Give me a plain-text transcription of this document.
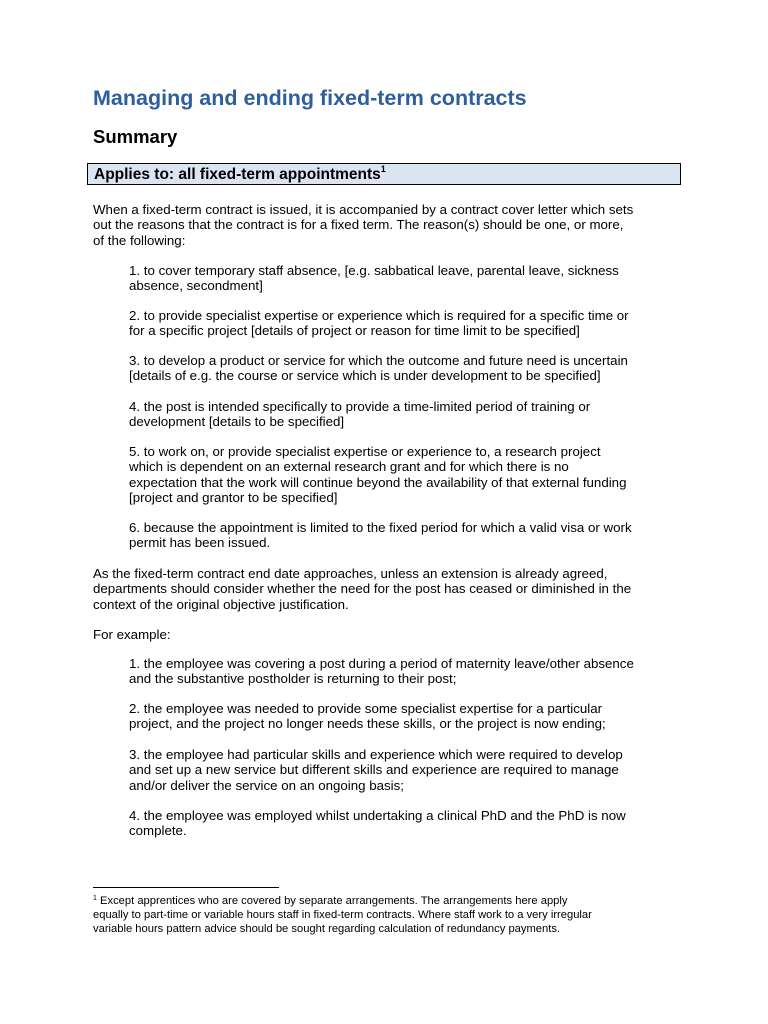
Managing and ending fixed-term contracts
Summary
Applies to: all fixed-term appointments$^1$

When a fixed-term contract is issued, it is accompanied by a contract cover letter which sets
out the reasons that the contract is for a fixed term. The reason(s) should be one, or more,
of the following:

1. to cover temporary staff absence, [e.g. sabbatical leave, parental leave, sickness
absence, secondment]

2. to provide specialist expertise or experience which is required for a specific time or
for a specific project [details of project or reason for time limit to be specified]

3. to develop a product or service for which the outcome and future need is uncertain
[details of e.g. the course or service which is under development to be specified]

4. the post is intended specifically to provide a time-limited period of training or
development [details to be specified]

5. to work on, or provide specialist expertise or experience to, a research project
which is dependent on an external research grant and for which there is no
expectation that the work will continue beyond the availability of that external funding
[project and grantor to be specified]

6. because the appointment is limited to the fixed period for which a valid visa or work
permit has been issued.

As the fixed-term contract end date approaches, unless an extension is already agreed,
departments should consider whether the need for the post has ceased or diminished in the
context of the original objective justification.

For example:

1. the employee was covering a post during a period of maternity leave/other absence
and the substantive postholder is returning to their post;

2. the employee was needed to provide some specialist expertise for a particular
project, and the project no longer needs these skills, or the project is now ending;

3. the employee had particular skills and experience which were required to develop
and set up a new service but different skills and experience are required to manage
and/or deliver the service on an ongoing basis;

4. the employee was employed whilst undertaking a clinical PhD and the PhD is now
complete.

$^1$ Except apprentices who are covered by separate arrangements. The arrangements here apply
equally to part-time or variable hours staff in fixed-term contracts. Where staff work to a very irregular
variable hours pattern advice should be sought regarding calculation of redundancy payments.
